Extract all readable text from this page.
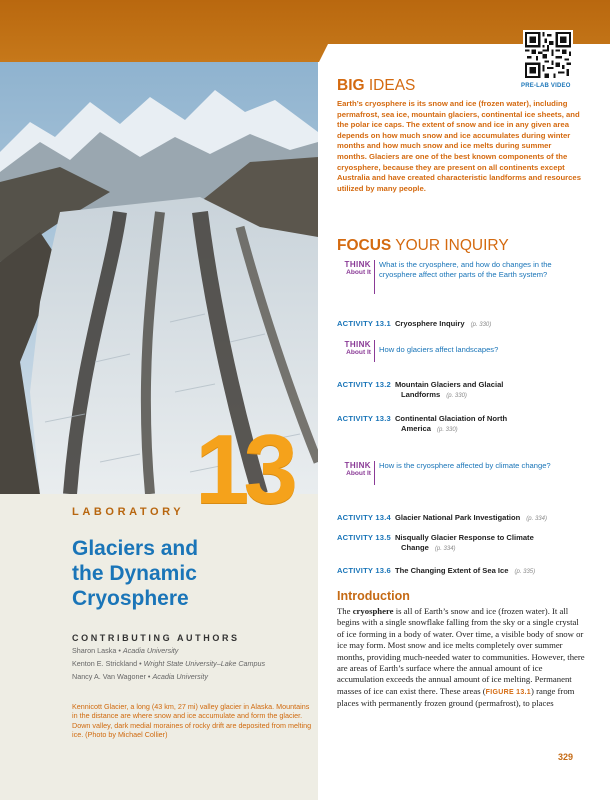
13
LABORATORY
Glaciers and
the Dynamic
Cryosphere
CONTRIBUTING AUTHORS
Sharon Laska • Acadia University
Kenton E. Strickland • Wright State University–Lake Campus
Nancy A. Van Wagoner • Acadia University
Kennicott Glacier, a long (43 km, 27 mi) valley glacier in Alaska. Mountains in the distance are where snow and ice accumulate and form the glacier. Down valley, dark medial moraines of rocky drift are deposited from melting ice. (Photo by Michael Collier)
PRE-LAB VIDEO
BIG IDEAS
Earth’s cryosphere is its snow and ice (frozen water), including permafrost, sea ice, mountain glaciers, continental ice sheets, and the polar ice caps. The extent of snow and ice in any given area depends on how much snow and ice accumulates during winter months and how much snow and ice melts during summer months. Glaciers are one of the best known components of the cryosphere, because they are present on all continents except Australia and have created characteristic landforms and resources utilized by many people.
FOCUS YOUR INQUIRY
THINK
About It
What is the cryosphere, and how do changes in the cryosphere affect other parts of the Earth system?
ACTIVITY 13.1 Cryosphere Inquiry (p. 330)
THINK
About It How do glaciers affect landscapes?
ACTIVITY 13.2 Mountain Glaciers and Glacial
Landforms (p. 330)
ACTIVITY 13.3 Continental Glaciation of North
America (p. 330)
THINK
About It
How is the cryosphere affected by climate change?
ACTIVITY 13.4 Glacier National Park Investigation (p. 334)
ACTIVITY 13.5 Nisqually Glacier Response to Climate
Change (p. 334)
ACTIVITY 13.6 The Changing Extent of Sea Ice (p. 335)
Introduction
The cryosphere is all of Earth’s snow and ice (frozen water). It all begins with a single snowflake falling from the sky or a single crystal of ice forming in a body of water. Over time, a visible body of snow or ice may form. Most snow and ice melts completely over summer months, providing much-needed water to communities. However, there are areas of Earth’s surface where the annual amount of ice accumulation exceeds the annual amount of ice melting. Permanent masses of ice can exist there. These areas (FIGURE 13.1) range from places with permanently frozen ground (permafrost), to places
329
